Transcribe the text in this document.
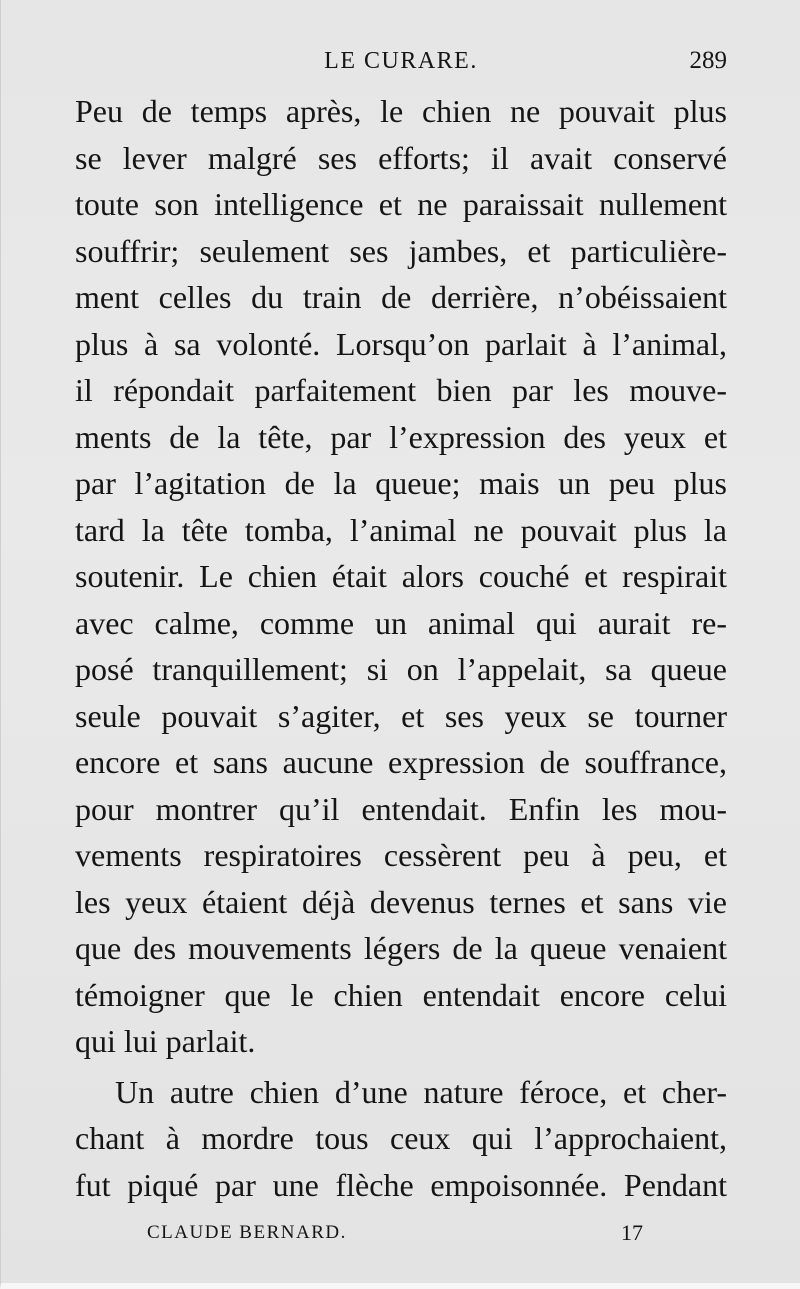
LE CURARE.	289
Peu de temps après, le chien ne pouvait plus
se lever malgré ses efforts; il avait conservé
toute son intelligence et ne paraissait nullement
souffrir; seulement ses jambes, et particulière-
ment celles du train de derrière, n’obéissaient
plus à sa volonté. Lorsqu’on parlait à l’animal,
il répondait parfaitement bien par les mouve-
ments de la tête, par l’expression des yeux et
par l’agitation de la queue; mais un peu plus
tard la tête tomba, l’animal ne pouvait plus la
soutenir. Le chien était alors couché et respirait
avec calme, comme un animal qui aurait re-
posé tranquillement; si on l’appelait, sa queue
seule pouvait s’agiter, et ses yeux se tourner
encore et sans aucune expression de souffrance,
pour montrer qu’il entendait. Enfin les mou-
vements respiratoires cessèrent peu à peu, et
les yeux étaient déjà devenus ternes et sans vie
que des mouvements légers de la queue venaient
témoigner que le chien entendait encore celui
qui lui parlait.
Un autre chien d’une nature féroce, et cher-
chant à mordre tous ceux qui l’approchaient,
fut piqué par une flèche empoisonnée. Pendant
CLAUDE BERNARD.	17
